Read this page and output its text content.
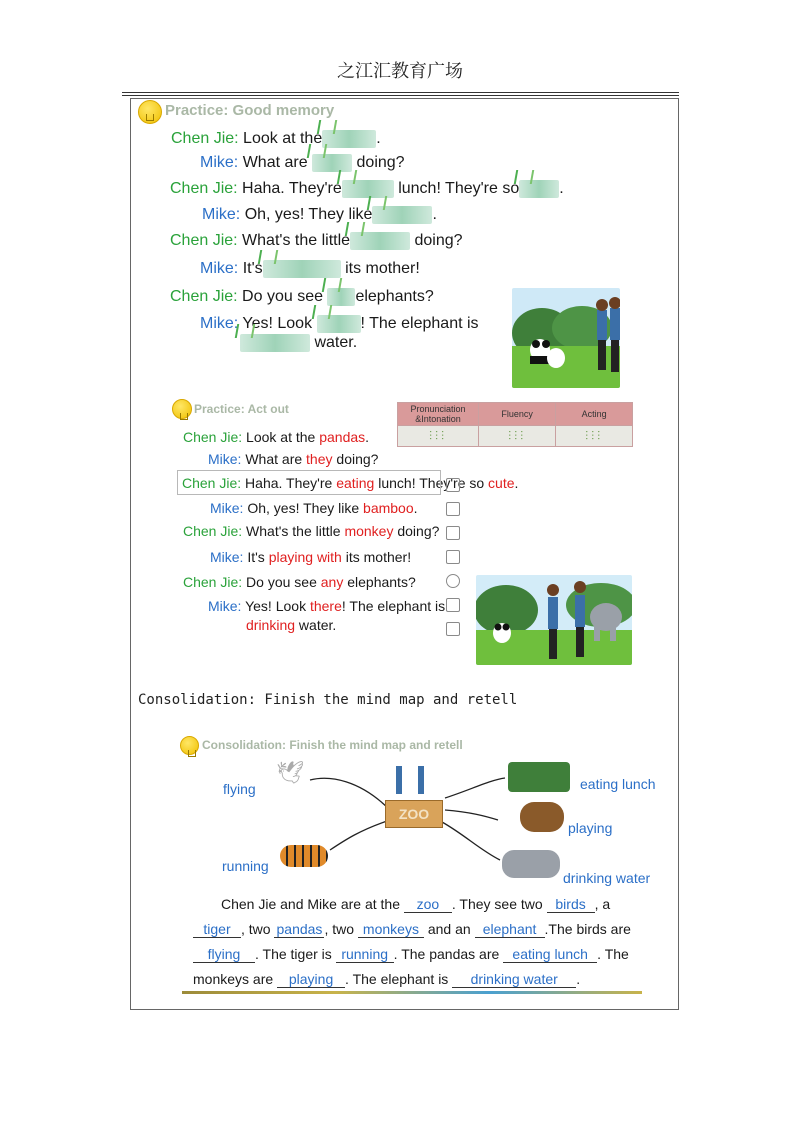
之江汇教育广场
Practice: Good memory
Chen Jie: Look at the	.
Mike: What are	doing?
Chen Jie: Haha. They're	lunch! They're so	.
Mike: Oh, yes! They like	.
Chen Jie: What's the little	doing?
Mike: It's	its mother!
Chen Jie: Do you see elephants?
Mike: Yes! Look	! The elephant is
water.
Practice: Act out	Pronunciation &Intonation	Fluency	Acting
⫶⫶⫶	⫶⫶⫶	⫶⫶⫶
Chen Jie: Look at the pandas.
Mike: What are they doing?
Chen Jie: Haha. They're eating lunch! They're so cute.
Mike: Oh, yes! They like bamboo.
Chen Jie: What's the little monkey doing?
Mike: It's playing with its mother!
Chen Jie: Do you see any elephants?
Mike: Yes! Look there! The elephant is
drinking water.
Consolidation: Finish the mind map and retell
Consolidation: Finish the mind map and retell
ZOO
🕊
flying
running
eating lunch
playing
drinking water
Chen Jie and Mike are at the zoo . They see two birds , a
tiger , two pandas , two monkeys and an elephant .The birds are
flying . The tiger is running . The pandas are eating lunch . The
monkeys are playing . The elephant is drinking water .
